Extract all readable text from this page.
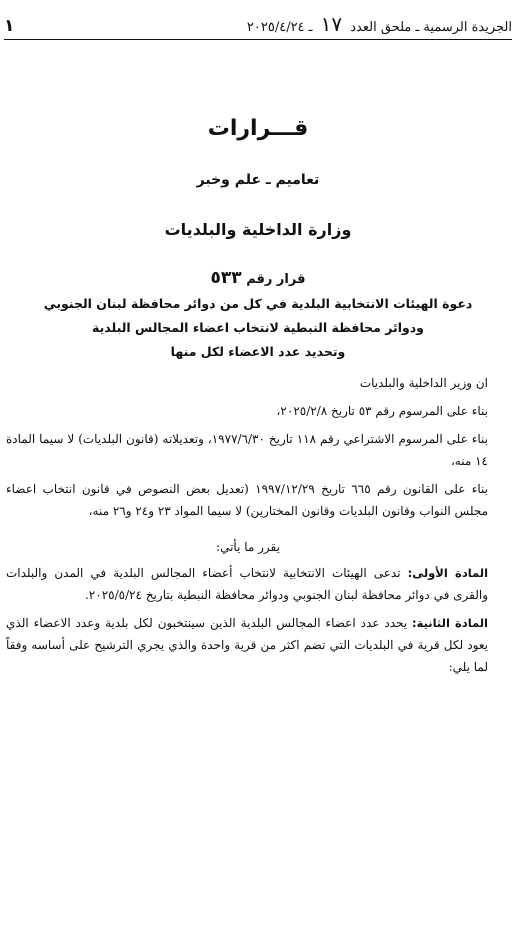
الجريدة الرسمية ـ ملحق العدد ١٧ ـ ٢٠٢٥/٤/٢٤
١
قـــرارات
تعاميم ـ علم وخبر
وزارة الداخلية والبلديات
قرار رقم ٥٣٣
دعوة الهيئات الانتخابية البلدية في كل من دوائر محافظة لبنان الجنوبي
ودوائر محافظة النبطية لانتخاب اعضاء المجالس البلدية
وتحديد عدد الاعضاء لكل منها

ان وزير الداخلية والبلديات

بناء على المرسوم رقم ٥٣ تاريخ ٢٠٢٥/٢/٨،

بناء على المرسوم الاشتراعي رقم ١١٨ تاريخ ١٩٧٧/٦/٣٠، وتعديلاته (قانون البلديات) لا سيما المادة ١٤ منه،

بناء على القانون رقم ٦٦٥ تاريخ ١٩٩٧/١٢/٢٩ (تعديل بعض النصوص في قانون انتخاب اعضاء مجلس النواب وقانون البلديات وقانون المختارين) لا سيما المواد ٢٣ و٢٤ و٢٦ منه،

يقرر ما يأتي:

المادة الأولى: تدعى الهيئات الانتخابية لانتخاب أعضاء المجالس البلدية في المدن والبلدات والقرى في دوائر محافظة لبنان الجنوبي ودوائر محافظة النبطية بتاريخ ٢٠٢٥/٥/٢٤.

المادة الثانية: يحدد عدد اعضاء المجالس البلدية الذين سينتخبون لكل بلدية وعدد الاعضاء الذي يعود لكل قرية في البلديات التي تضم اكثر من قرية واحدة والذي يجري الترشيح على أساسه وفقاً لما يلي:
